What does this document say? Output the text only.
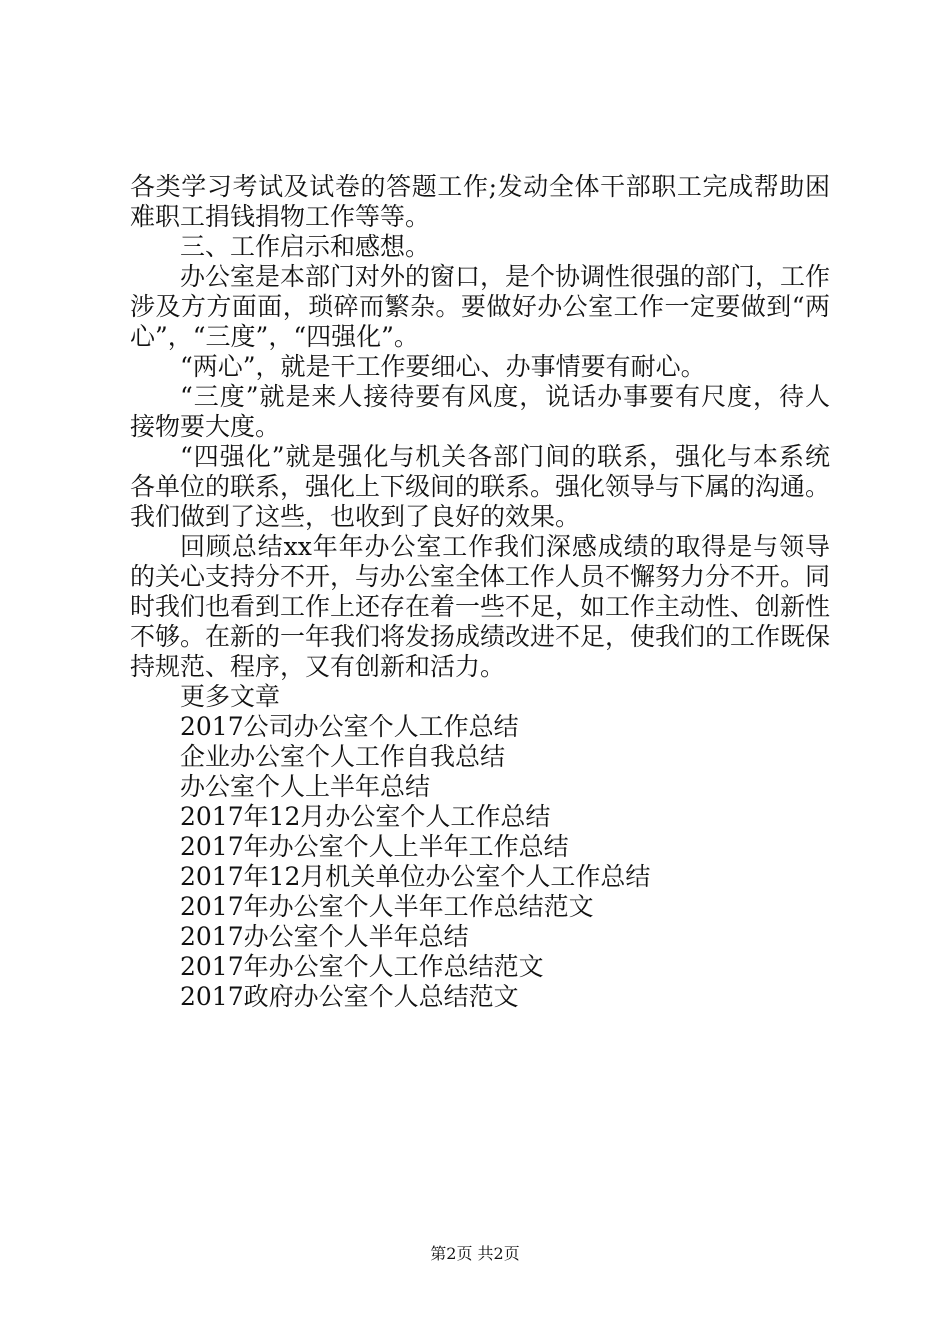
各类学习考试及试卷的答题工作;发动全体干部职工完成帮助困难职工捐钱捐物工作等等。

三、工作启示和感想。

办公室是本部门对外的窗口，是个协调性很强的部门，工作涉及方方面面，琐碎而繁杂。要做好办公室工作一定要做到“两心”，“三度”，“四强化”。

“两心”，就是干工作要细心、办事情要有耐心。

“三度”就是来人接待要有风度，说话办事要有尺度，待人接物要大度。

“四强化”就是强化与机关各部门间的联系，强化与本系统各单位的联系，强化上下级间的联系。强化领导与下属的沟通。我们做到了这些，也收到了良好的效果。

回顾总结xx年年办公室工作我们深感成绩的取得是与领导的关心支持分不开，与办公室全体工作人员不懈努力分不开。同时我们也看到工作上还存在着一些不足，如工作主动性、创新性不够。在新的一年我们将发扬成绩改进不足，使我们的工作既保持规范、程序，又有创新和活力。

更多文章

2017公司办公室个人工作总结

企业办公室个人工作自我总结

办公室个人上半年总结

2017年12月办公室个人工作总结

2017年办公室个人上半年工作总结

2017年12月机关单位办公室个人工作总结

2017年办公室个人半年工作总结范文

2017办公室个人半年总结

2017年办公室个人工作总结范文

2017政府办公室个人总结范文

第2页 共2页
